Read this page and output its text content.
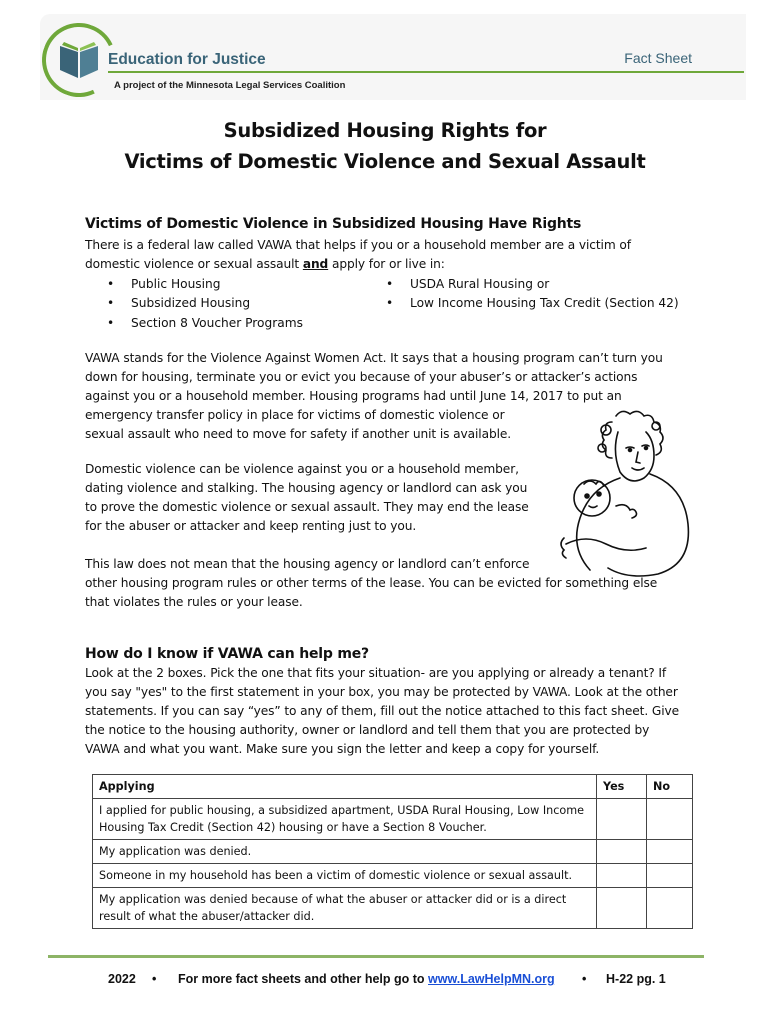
Education for Justice
A project of the Minnesota Legal Services Coalition
Fact Sheet
Subsidized Housing Rights for
Victims of Domestic Violence and Sexual Assault
Victims of Domestic Violence in Subsidized Housing Have Rights
There is a federal law called VAWA that helps if you or a household member are a victim of
domestic violence or sexual assault and apply for or live in:
• Public Housing
• Subsidized Housing
• Section 8 Voucher Programs
• USDA Rural Housing or
• Low Income Housing Tax Credit (Section 42)
VAWA stands for the Violence Against Women Act. It says that a housing program can’t turn you
down for housing, terminate you or evict you because of your abuser’s or attacker’s actions
against you or a household member. Housing programs had until June 14, 2017 to put an
emergency transfer policy in place for victims of domestic violence or
sexual assault who need to move for safety if another unit is available.
Domestic violence can be violence against you or a household member,
dating violence and stalking. The housing agency or landlord can ask you
to prove the domestic violence or sexual assault. They may end the lease
for the abuser or attacker and keep renting just to you.
This law does not mean that the housing agency or landlord can’t enforce
other housing program rules or other terms of the lease. You can be evicted for something else
that violates the rules or your lease.
How do I know if VAWA can help me?
Look at the 2 boxes. Pick the one that fits your situation- are you applying or already a tenant? If
you say "yes" to the first statement in your box, you may be protected by VAWA. Look at the other
statements. If you can say “yes” to any of them, fill out the notice attached to this fact sheet. Give
the notice to the housing authority, owner or landlord and tell them that you are protected by
VAWA and what you want. Make sure you sign the letter and keep a copy for yourself.
Applying	Yes	No
I applied for public housing, a subsidized apartment, USDA Rural Housing, Low Income
Housing Tax Credit (Section 42) housing or have a Section 8 Voucher.		
My application was denied.		
Someone in my household has been a victim of domestic violence or sexual assault.		
My application was denied because of what the abuser or attacker did or is a direct
result of what the abuser/attacker did.		
2022 • For more fact sheets and other help go to www.LawHelpMN.org • H-22 pg. 1
